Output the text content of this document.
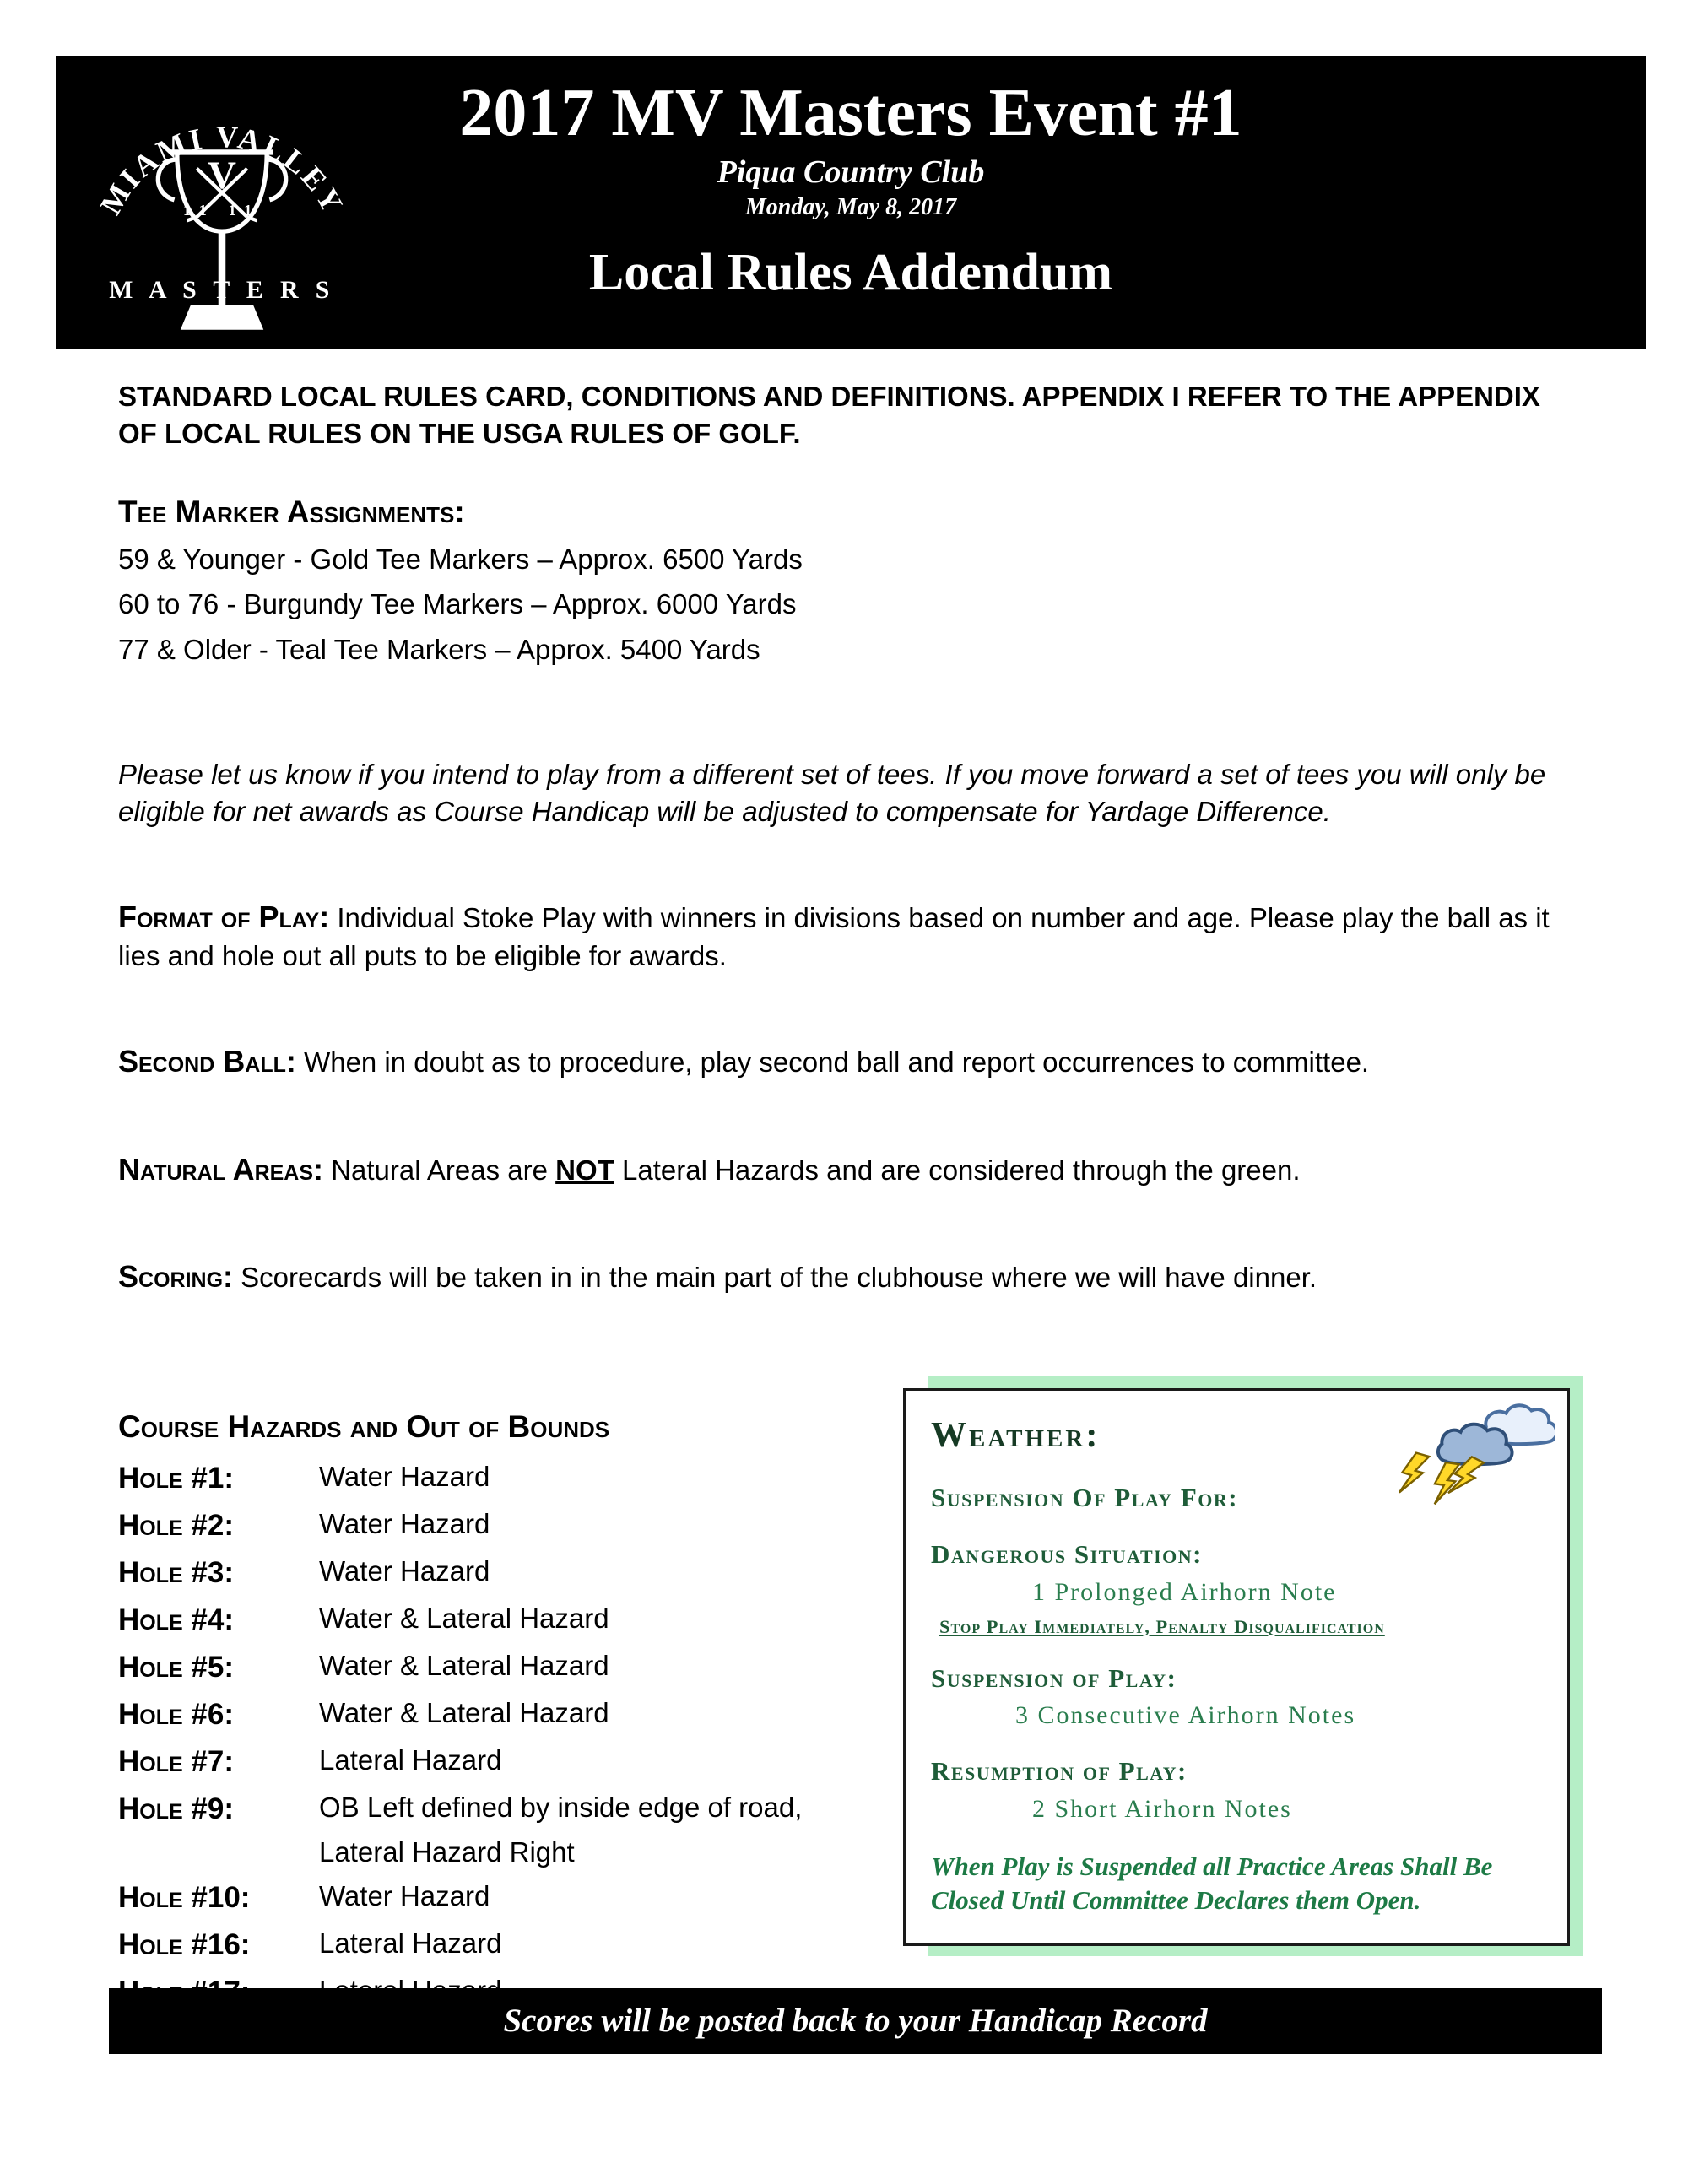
MIAMI VALLEY
V
11 11
M A S T E R S
2017 MV Masters Event #1
Piqua Country Club
Monday, May 8, 2017
Local Rules Addendum

STANDARD LOCAL RULES CARD, CONDITIONS AND DEFINITIONS. APPENDIX I REFER TO THE APPENDIX OF LOCAL RULES ON THE USGA RULES OF GOLF.

Tee Marker Assignments:
59 & Younger - Gold Tee Markers – Approx. 6500 Yards
60 to 76 - Burgundy Tee Markers – Approx. 6000 Yards
77 & Older - Teal Tee Markers – Approx. 5400 Yards

Please let us know if you intend to play from a different set of tees. If you move forward a set of tees you will only be eligible for net awards as Course Handicap will be adjusted to compensate for Yardage Difference.

Format of Play: Individual Stoke Play with winners in divisions based on number and age. Please play the ball as it lies and hole out all puts to be eligible for awards.

Second Ball: When in doubt as to procedure, play second ball and report occurrences to committee.

Natural Areas: Natural Areas are NOT Lateral Hazards and are considered through the green.

Scoring: Scorecards will be taken in in the main part of the clubhouse where we will have dinner.

Course Hazards and Out of Bounds
Hole #1:	Water Hazard
Hole #2:	Water Hazard
Hole #3:	Water Hazard
Hole #4:	Water & Lateral Hazard
Hole #5:	Water & Lateral Hazard
Hole #6:	Water & Lateral Hazard
Hole #7:	Lateral Hazard
Hole #9:	OB Left defined by inside edge of road, Lateral Hazard Right
Hole #10:	Water Hazard
Hole #16:	Lateral Hazard
Weather:
Suspension Of Play For:
Dangerous Situation:
1 Prolonged Airhorn Note
Stop Play Immediately, Penalty Disqualification
Suspension of Play:
3 Consecutive Airhorn Notes
Resumption of Play:
2 Short Airhorn Notes
When Play is Suspended all Practice Areas Shall Be Closed Until Committee Declares them Open.
Scores will be posted back to your Handicap Record
